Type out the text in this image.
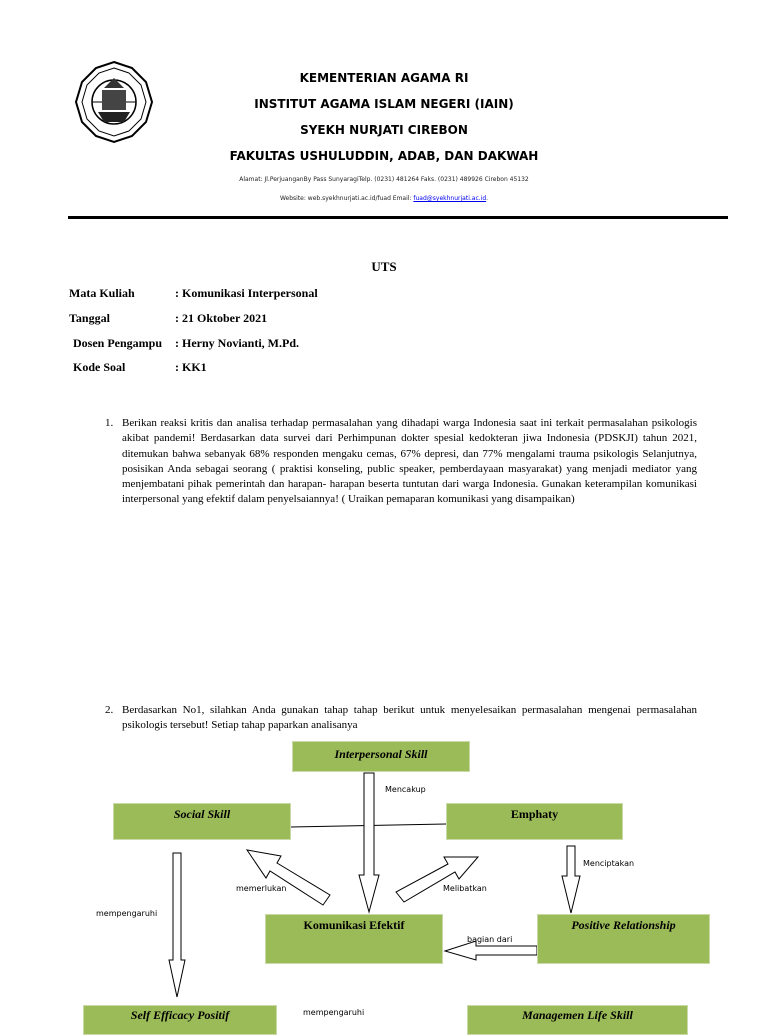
KEMENTERIAN AGAMA RI
INSTITUT AGAMA ISLAM NEGERI (IAIN)
SYEKH NURJATI CIREBON
FAKULTAS USHULUDDIN, ADAB, DAN DAKWAH
Alamat: Jl.PerjuanganBy Pass SunyaragiTelp. (0231) 481264 Faks. (0231) 489926 Cirebon 45132
Website: web.syekhnurjati.ac.id/fuad Email: fuad@syekhnurjati.ac.id.
UTS
Mata Kuliah	: Komunikasi Interpersonal
Tanggal	: 21 Oktober 2021
Dosen Pengampu : Herny Novianti, M.Pd.
Kode Soal	: KK1
1. Berikan reaksi kritis dan analisa terhadap permasalahan yang dihadapi warga Indonesia saat ini terkait permasalahan psikologis akibat pandemi! Berdasarkan data survei dari Perhimpunan dokter spesial kedokteran jiwa Indonesia (PDSKJI) tahun 2021, ditemukan bahwa sebanyak 68% responden mengaku cemas, 67% depresi, dan 77% mengalami trauma psikologis Selanjutnya, posisikan Anda sebagai seorang ( praktisi konseling, public speaker, pemberdayaan masyarakat) yang menjadi mediator yang menjembatani pihak pemerintah dan harapan- harapan beserta tuntutan dari warga Indonesia. Gunakan keterampilan komunikasi interpersonal yang efektif dalam penyelsaiannya! ( Uraikan pemaparan komunikasi yang disampaikan)
2. Berdasarkan No1, silahkan Anda gunakan tahap tahap berikut untuk menyelesaikan permasalahan mengenai permasalahan psikologis tersebut! Setiap tahap paparkan analisanya
Interpersonal Skill
Social Skill	Emphaty
Komunikasi Efektif	Positive Relationship
Self Efficacy Positif	Managemen Life Skill
Mencakup
Menciptakan
memerlukan	Melibatkan
mempengaruhi
bagian dari
mempengaruhi
